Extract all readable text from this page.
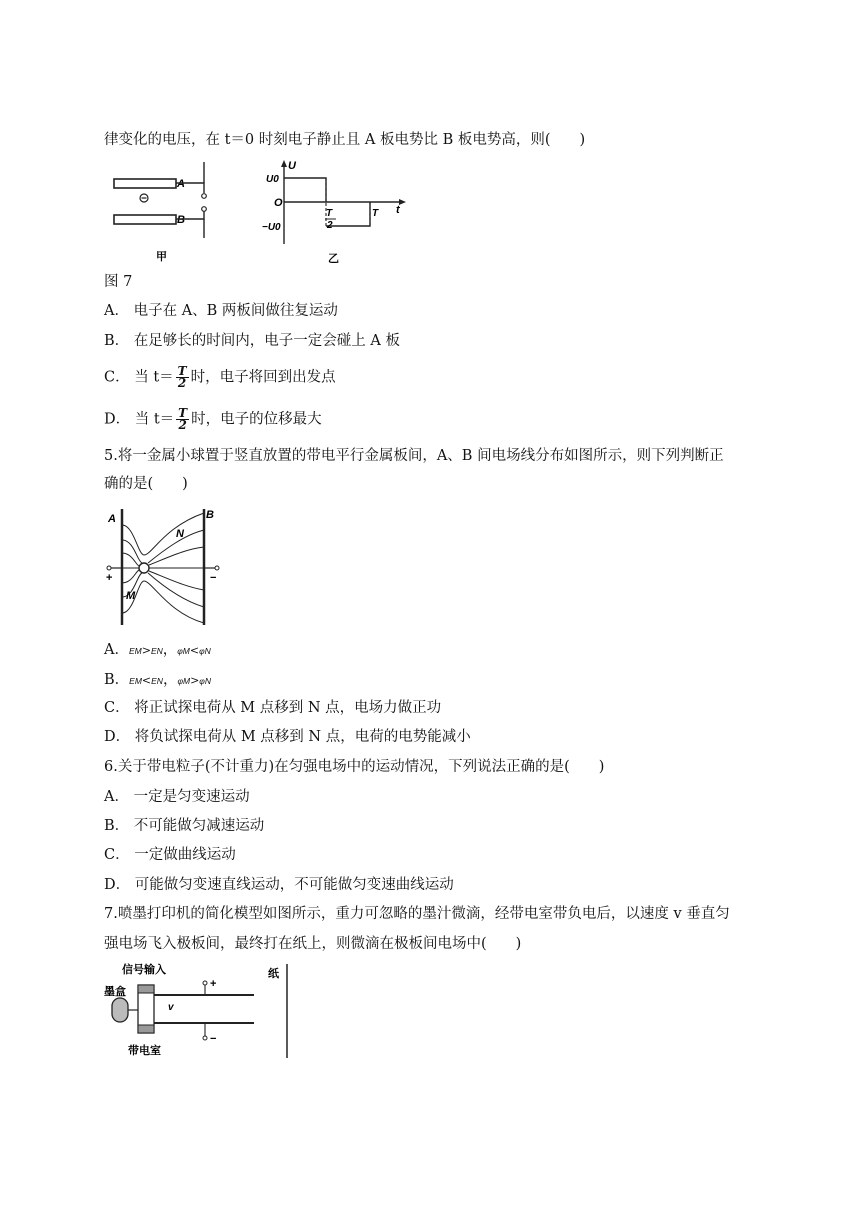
律变化的电压，在 t＝0 时刻电子静止且 A 板电势比 B 板电势高，则(　　)
A
B
甲
U
U0
O
−U0
T
2
T t
乙
图 7
A． 电子在 A、B 两板间做往复运动
B． 在足够长的时间内，电子一定会碰上 A 板
C． 当 $t= \frac{T}{2}$ 时，电子将回到出发点
D． 当 $t= \frac{T}{2}$ 时，电子的位移最大
5.将一金属小球置于竖直放置的带电平行金属板间，A、B 间电场线分布如图所示，则下列判断正
确的是(　　)
A	B
+	−
N
M
A．EM>EN，φM<φN
B．EM<EN，φM>φN
C． 将正试探电荷从 M 点移到 N 点，电场力做正功
D． 将负试探电荷从 M 点移到 N 点，电荷的电势能减小
6.关于带电粒子(不计重力)在匀强电场中的运动情况，下列说法正确的是(　　)
A． 一定是匀变速运动
B． 不可能做匀减速运动
C． 一定做曲线运动
D． 可能做匀变速直线运动，不可能做匀变速曲线运动
7.喷墨打印机的简化模型如图所示，重力可忽略的墨汁微滴，经带电室带负电后，以速度 v 垂直匀
强电场飞入极板间，最终打在纸上，则微滴在极板间电场中(　　)
信号输入
墨盒
纸
带电室
+
−
v
